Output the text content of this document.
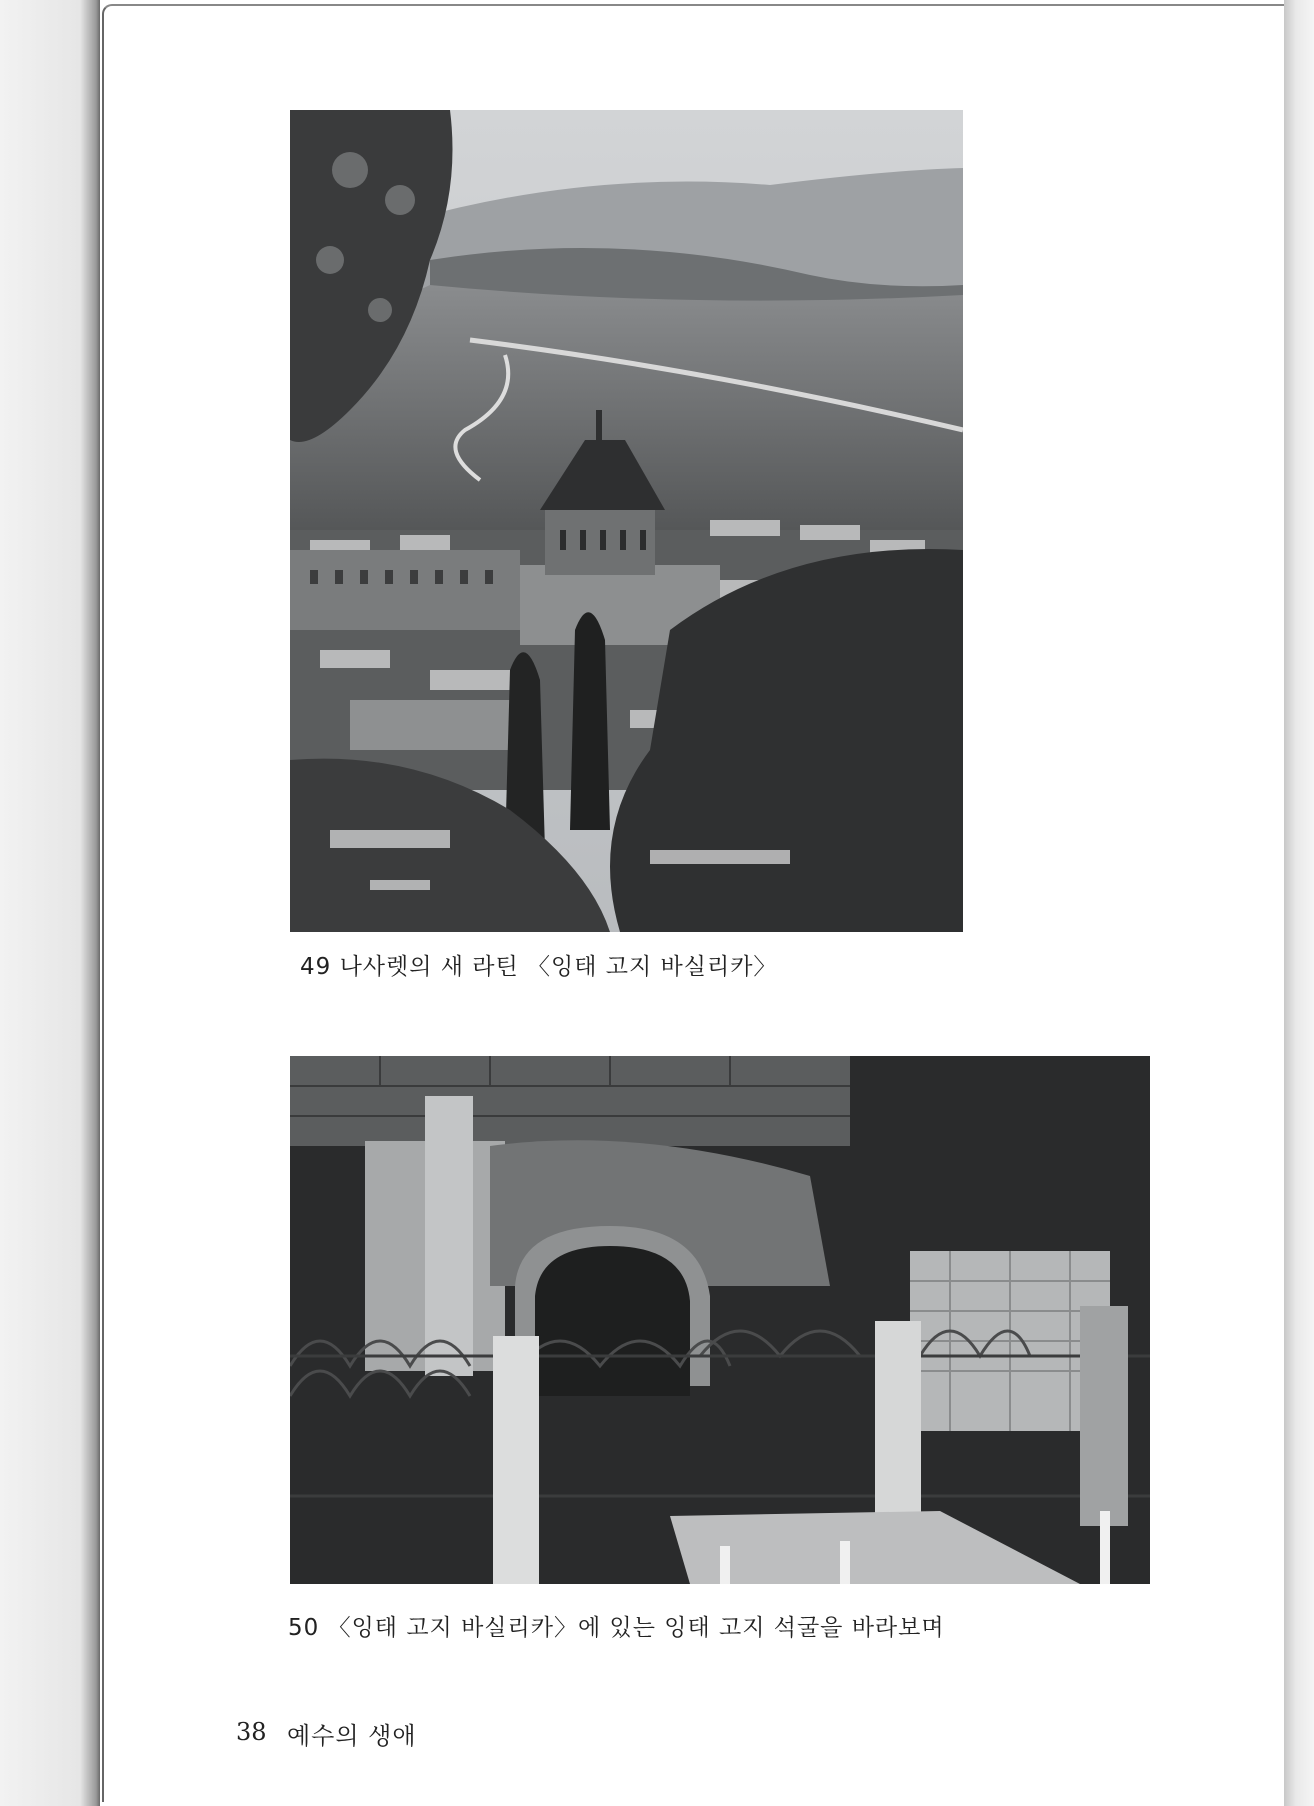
49 나사렛의 새 라틴 〈잉태 고지 바실리카〉
50 〈잉태 고지 바실리카〉에 있는 잉태 고지 석굴을 바라보며
38 예수의 생애
